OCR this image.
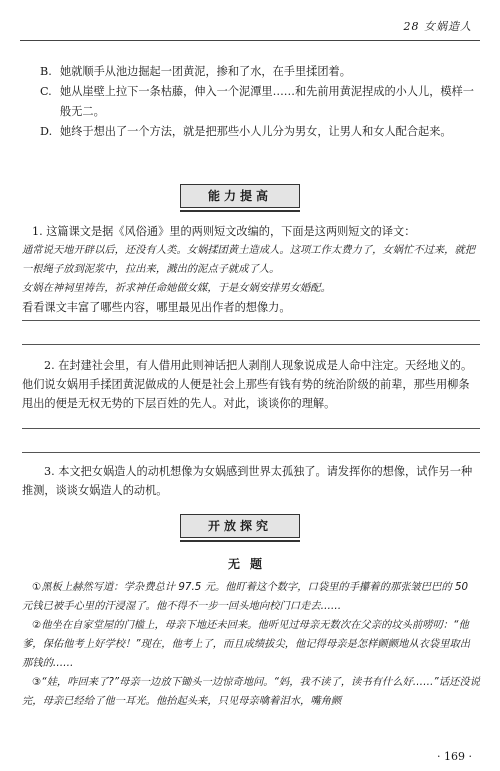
28 女娲造人
B. 她就顺手从池边掘起一团黄泥，掺和了水，在手里揉团着。
C. 她从崖壁上拉下一条枯藤，伸入一个泥潭里……和先前用黄泥捏成的小人儿，模样一般无二。
D. 她终于想出了一个方法，就是把那些小人儿分为男女，让男人和女人配合起来。
能力提高

1. 这篇课文是据《风俗通》里的两则短文改编的，下面是这两则短文的译文：

通常说天地开辟以后，还没有人类。女娲揉团黄土造成人。这项工作太费力了，女娲忙不过来，就把一根绳子放到泥浆中，拉出来，溅出的泥点子就成了人。

女娲在神祠里祷告，祈求神任命她做女媒，于是女娲安排男女婚配。

看看课文丰富了哪些内容，哪里最见出作者的想像力。

2. 在封建社会里，有人借用此则神话把人剥削人现象说成是人命中注定。天经地义的。他们说女娲用手揉团黄泥做成的人便是社会上那些有钱有势的统治阶级的前辈，那些用柳条甩出的便是无权无势的下层百姓的先人。对此，谈谈你的理解。

3. 本文把女娲造人的动机想像为女娲感到世界太孤独了。请发挥你的想像，试作另一种推测，谈谈女娲造人的动机。

开放探究
无题

①黑板上赫然写道：学杂费总计 97.5 元。他盯着这个数字，口袋里的手攥着的那张皱巴巴的 50 元钱已被手心里的汗浸湿了。他不得不一步一回头地向校门口走去……

②他坐在自家堂屋的门槛上，母亲下地还未回来。他听见过母亲无数次在父亲的坟头前唠叨：“他爹，保佑他考上好学校！”现在，他考上了，而且成绩拔尖，他记得母亲是怎样颤颤地从衣袋里取出那钱的……

③“娃，咋回来了?”母亲一边放下锄头一边惊奇地问。“妈，我不读了，读书有什么好……”话还没说完，母亲已经给了他一耳光。他抬起头来，只见母亲噙着泪水，嘴角颤

· 169 ·
